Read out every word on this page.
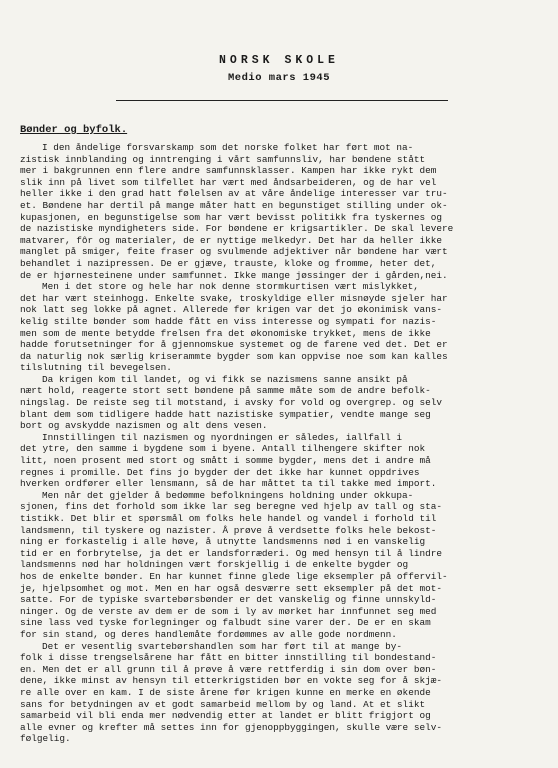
NORSK SKOLE
Medio mars 1945
Bønder og byfolk.
I den åndelige forsvarskamp som det norske folket har ført mot na-
zistisk innblanding og inntrenging i vårt samfunnsliv, har bøndene stått
mer i bakgrunnen enn flere andre samfunnsklasser. Kampen har ikke rykt dem
slik inn på livet som tilfellet har vært med åndsarbeideren, og de har vel
heller ikke i den grad hatt følelsen av at våre åndelige interesser var tru-
et. Bøndene har dertil på mange måter hatt en begunstiget stilling under ok-
kupasjonen, en begunstigelse som har vært bevisst politikk fra tyskernes og
de nazistiske myndigheters side. For bøndene er krigsartikler. De skal levere
matvarer, fôr og materialer, de er nyttige melkedyr. Det har da heller ikke
manglet på smiger, feite fraser og svulmende adjektiver når bøndene har vært
behandlet i nazipressen. De er gjæve, trauste, kloke og fromme, heter det,
de er hjørnesteinene under samfunnet. Ikke mange jøssinger der i gården,nei.
Men i det store og hele har nok denne stormkurtisen vært mislykket,
det har vært steinhogg. Enkelte svake, troskyldige eller misnøyde sjeler har
nok latt seg lokke på agnet. Allerede før krigen var det jo økonimisk vans-
kelig stilte bønder som hadde fått en viss interesse og sympati for nazis-
men som de mente betydde frelsen fra det økonomiske trykket, mens de ikke
hadde forutsetninger for å gjennomskue systemet og de farene ved det. Det er
da naturlig nok særlig kriserammte bygder som kan oppvise noe som kan kalles
tilslutning til bevegelsen.
Da krigen kom til landet, og vi fikk se nazismens sanne ansikt på
nært hold, reagerte stort sett bøndene på samme måte som de andre befolk-
ningslag. De reiste seg til motstand, i avsky for vold og overgrep. og selv
blant dem som tidligere hadde hatt nazistiske sympatier, vendte mange seg
bort og avskydde nazismen og alt dens vesen.
Innstillingen til nazismen og nyordningen er således, iallfall i
det ytre, den samme i bygdene som i byene. Antall tilhengere skifter nok
litt, noen prosent med stort og smått i somme bygder, mens det i andre må
regnes i promille. Det fins jo bygder der det ikke har kunnet oppdrives
hverken ordfører eller lensmann, så de har måttet ta til takke med import.
Men når det gjelder å bedømme befolkningens holdning under okkupa-
sjonen, fins det forhold som ikke lar seg beregne ved hjelp av tall og sta-
tistikk. Det blir et spørsmål om folks hele handel og vandel i forhold til
landsmenn, til tyskere og nazister. Å prøve å verdsette folks hele bekost-
ning er forkastelig i alle høve, å utnytte landsmenns nød i en vanskelig
tid er en forbrytelse, ja det er landsforræderi. Og med hensyn til å lindre
landsmenns nød har holdningen vært forskjellig i de enkelte bygder og
hos de enkelte bønder. En har kunnet finne glede lige eksempler på offervil-
je, hjelpsomhet og mot. Men en har også desværre sett eksempler på det mot-
satte. For de typiske svartebørsbønder er det vanskelig og finne unnskyld-
ninger. Og de verste av dem er de som i ly av mørket har innfunnet seg med
sine lass ved tyske forlegninger og falbudt sine varer der. De er en skam
for sin stand, og deres handlemåte fordømmes av alle gode nordmenn.
Det er vesentlig svartebørshandlen som har ført til at mange by-
folk i disse trengselsårene har fått en bitter innstilling til bondestand-
en. Men det er all grunn til å prøve å være rettferdig i sin dom over bøn-
dene, ikke minst av hensyn til etterkrigstiden bør en vokte seg for å skjæ-
re alle over en kam. I de siste årene før krigen kunne en merke en økende
sans for betydningen av et godt samarbeid mellom by og land. At et slikt
samarbeid vil bli enda mer nødvendig etter at landet er blitt frigjort og
alle evner og krefter må settes inn for gjenoppbyggingen, skulle være selv-
følgelig.
